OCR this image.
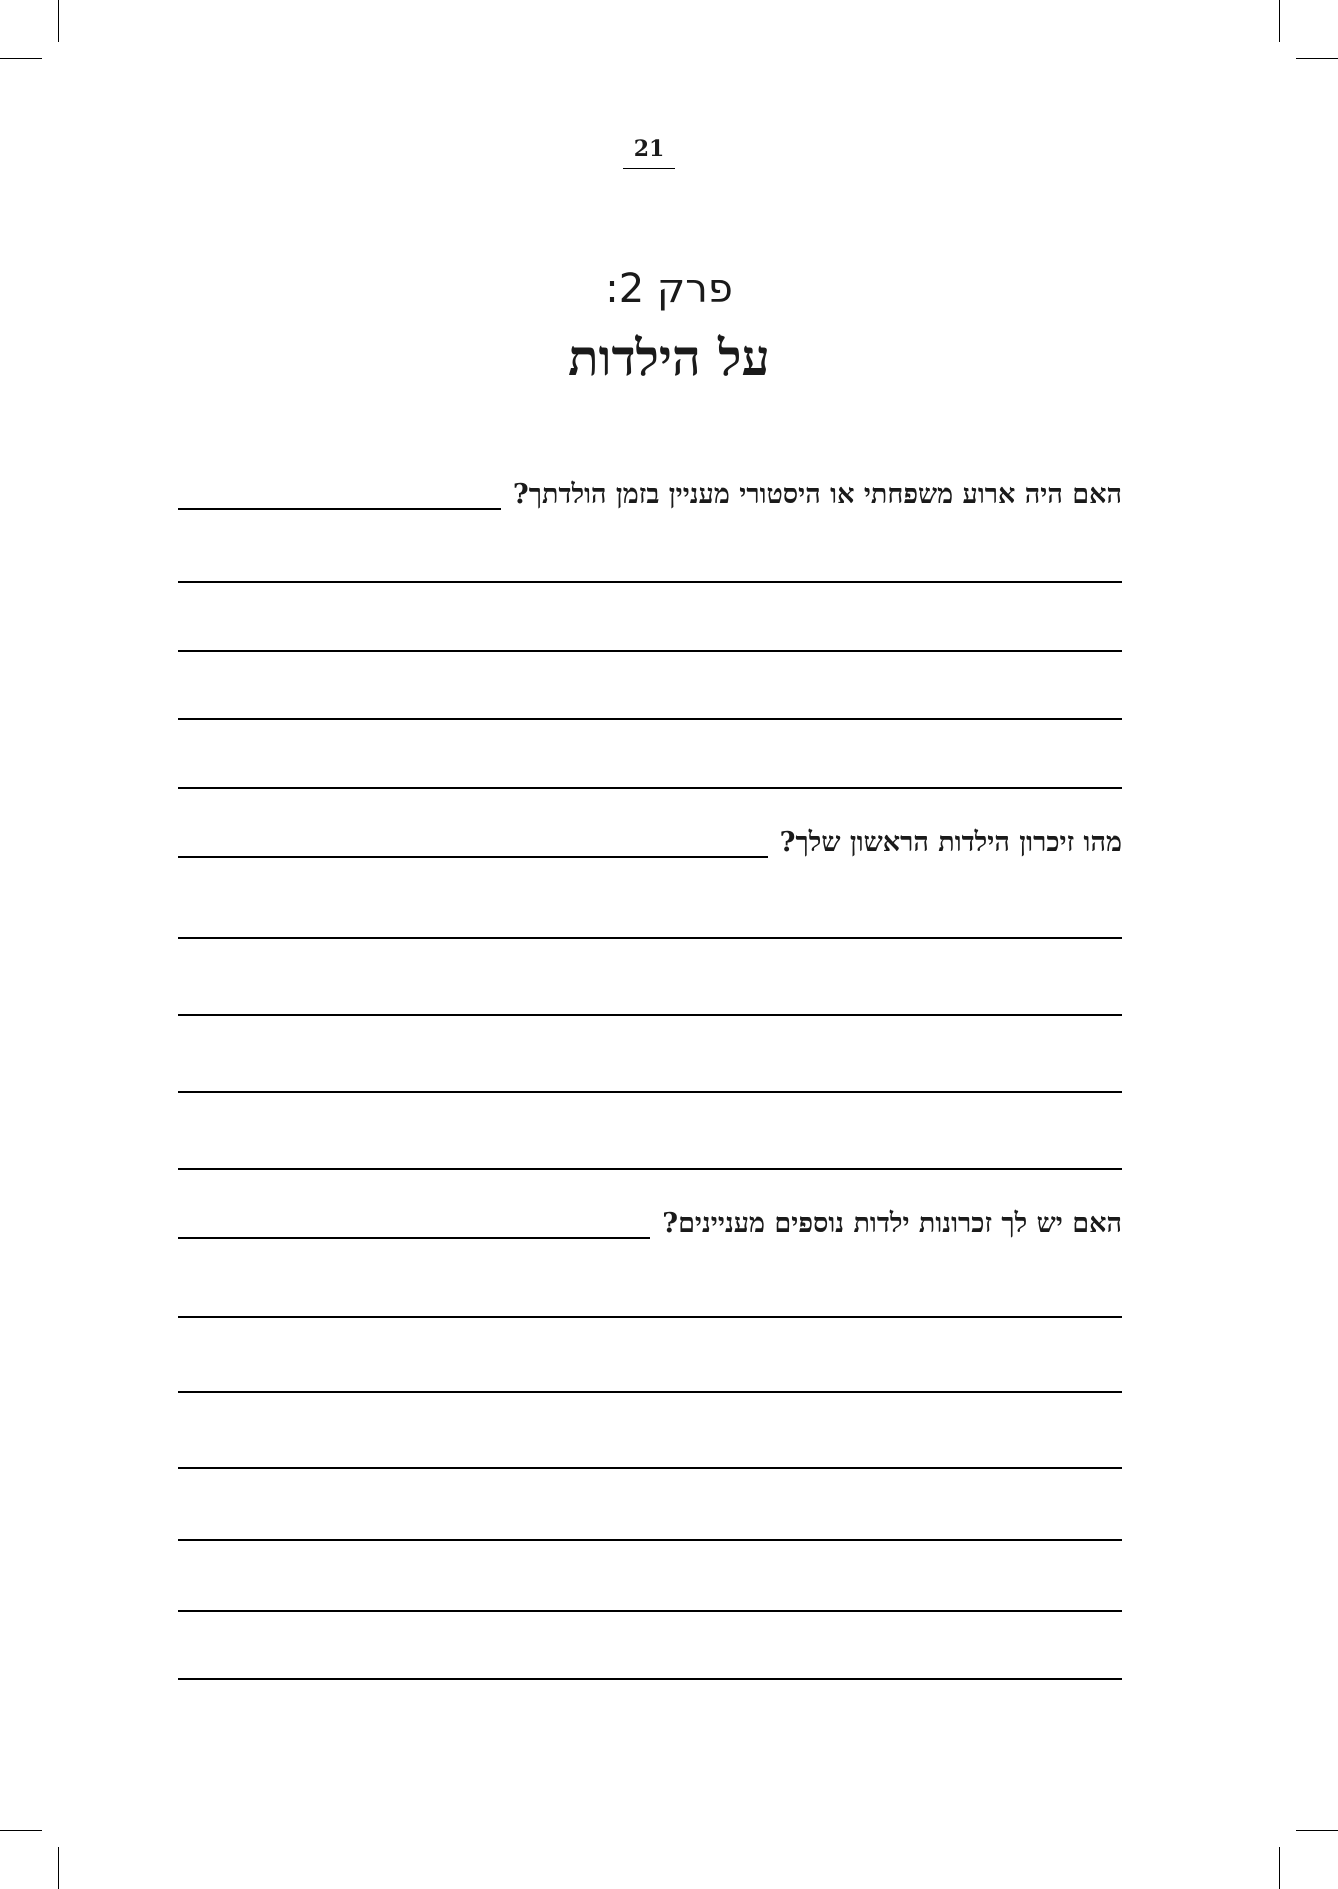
21
פרק 2:
על הילדות
האם היה ארוע משפחתי או היסטורי מעניין בזמן הולדתך?
מהו זיכרון הילדות הראשון שלך?
האם יש לך זכרונות ילדות נוספים מעניינים?
